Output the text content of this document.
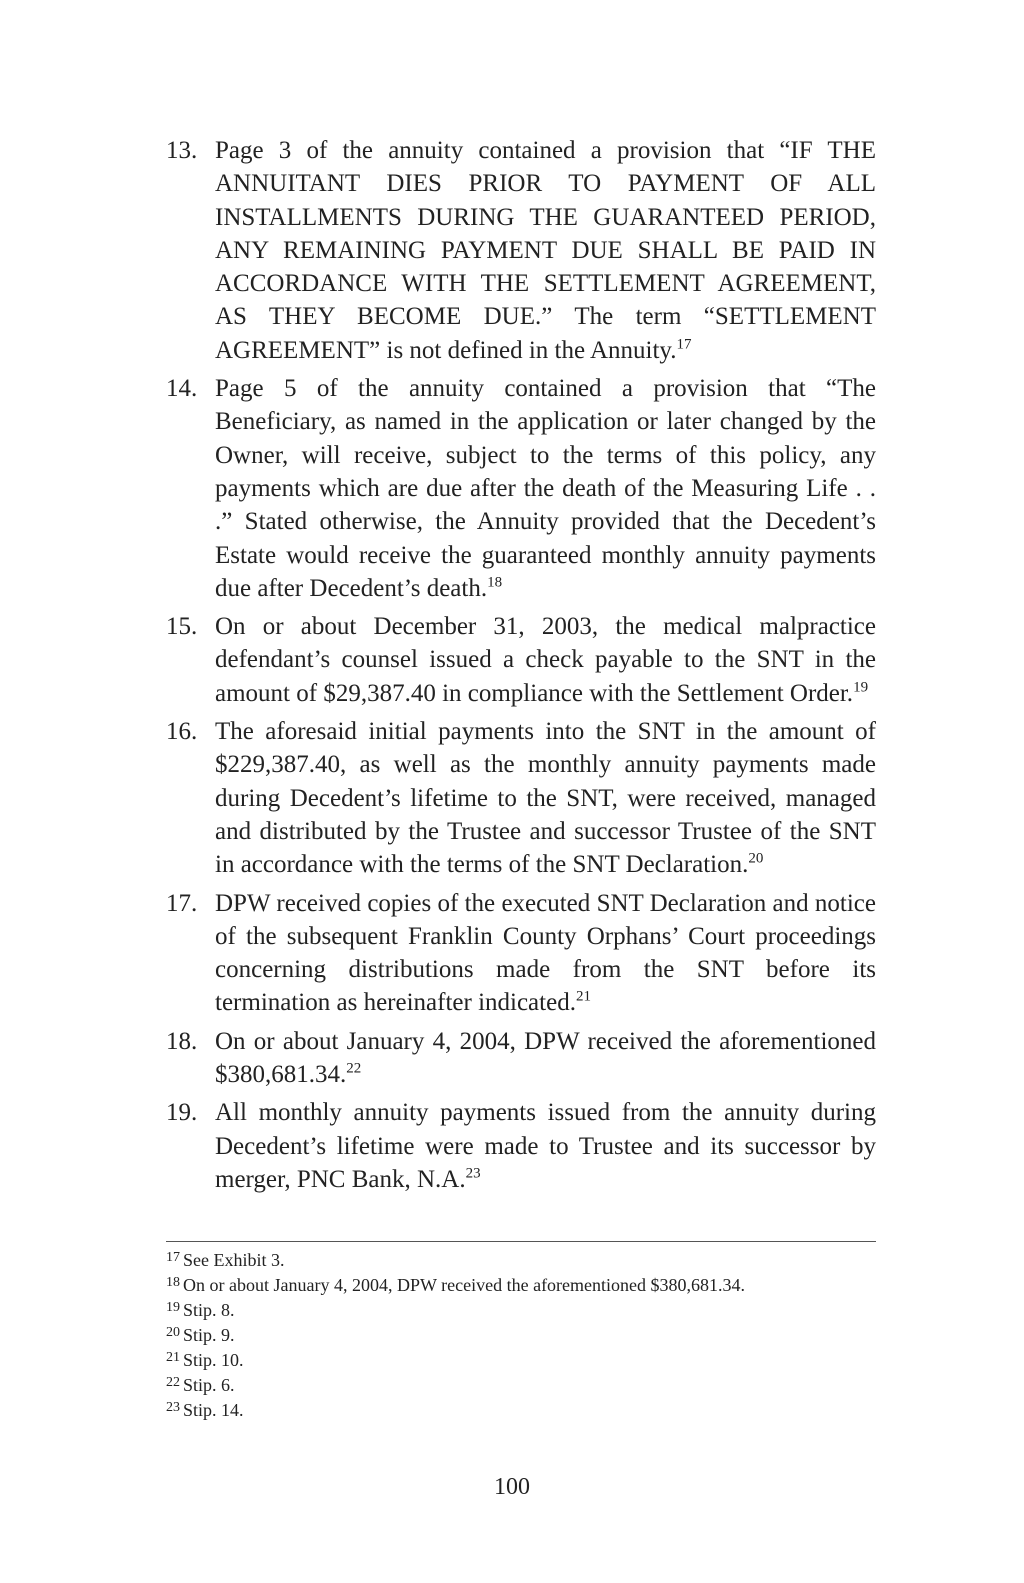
13. Page 3 of the annuity contained a provision that “IF THE ANNUITANT DIES PRIOR TO PAYMENT OF ALL INSTALLMENTS DURING THE GUARANTEED PERIOD, ANY REMAINING PAYMENT DUE SHALL BE PAID IN ACCORDANCE WITH THE SETTLEMENT AGREEMENT, AS THEY BECOME DUE.” The term “SETTLEMENT AGREEMENT” is not defined in the Annuity.$^{17}$
14. Page 5 of the annuity contained a provision that “The Beneficiary, as named in the application or later changed by the Owner, will receive, subject to the terms of this policy, any payments which are due after the death of the Measuring Life . . .” Stated otherwise, the Annuity provided that the Decedent’s Estate would receive the guaranteed monthly annuity payments due after Decedent’s death.$^{18}$
15. On or about December 31, 2003, the medical malpractice defendant’s counsel issued a check payable to the SNT in the amount of $29,387.40 in compliance with the Settlement Order.$^{19}$
16. The aforesaid initial payments into the SNT in the amount of $229,387.40, as well as the monthly annuity payments made during Decedent’s lifetime to the SNT, were received, managed and distributed by the Trustee and successor Trustee of the SNT in accordance with the terms of the SNT Declaration.$^{20}$
17. DPW received copies of the executed SNT Declaration and notice of the subsequent Franklin County Orphans’ Court proceedings concerning distributions made from the SNT before its termination as hereinafter indicated.$^{21}$
18. On or about January 4, 2004, DPW received the aforementioned $380,681.34.22
19. All monthly annuity payments issued from the annuity during Decedent’s lifetime were made to Trustee and its successor by merger, PNC Bank, N.A.$^{23}$
$^{17}$ See Exhibit 3.
$^{18}$ On or about January 4, 2004, DPW received the aforementioned $380,681.34.
$^{19}$ Stip. 8.
$^{20}$ Stip. 9.
$^{21}$ Stip. 10.
$^{22}$ Stip. 6.
$^{23}$ Stip. 14.
100
